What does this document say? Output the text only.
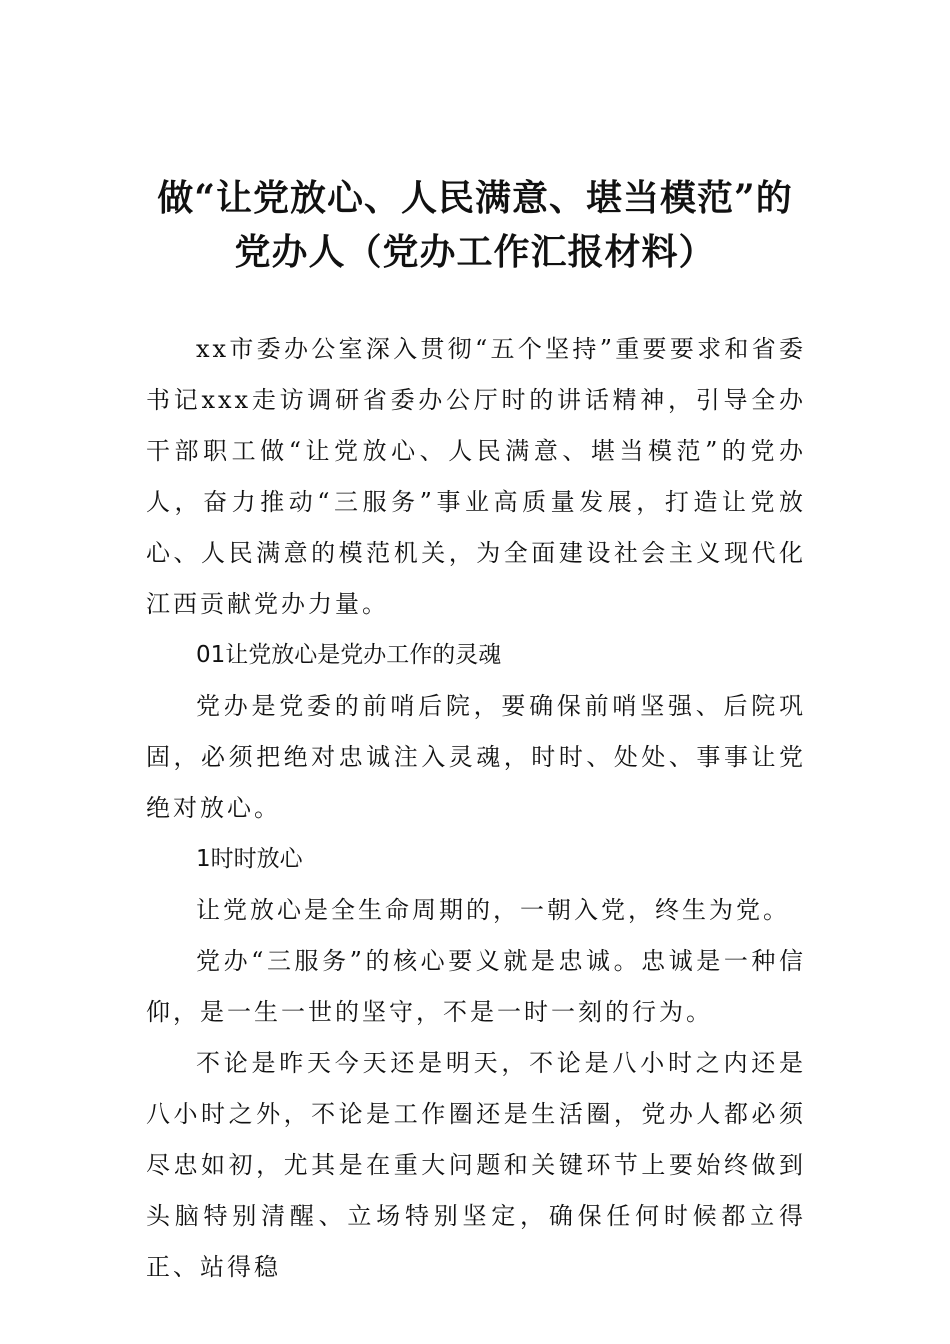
做“让党放心、人民满意、堪当模范”的
党办人（党办工作汇报材料）

xx市委办公室深入贯彻“五个坚持”重要要求和省委书记xxx走访调研省委办公厅时的讲话精神，引导全办干部职工做“让党放心、人民满意、堪当模范”的党办人，奋力推动“三服务”事业高质量发展，打造让党放心、人民满意的模范机关，为全面建设社会主义现代化江西贡献党办力量。

01让党放心是党办工作的灵魂

党办是党委的前哨后院，要确保前哨坚强、后院巩固，必须把绝对忠诚注入灵魂，时时、处处、事事让党绝对放心。

1时时放心

让党放心是全生命周期的，一朝入党，终生为党。

党办“三服务”的核心要义就是忠诚。忠诚是一种信仰，是一生一世的坚守，不是一时一刻的行为。

不论是昨天今天还是明天，不论是八小时之内还是八小时之外，不论是工作圈还是生活圈，党办人都必须尽忠如初，尤其是在重大问题和关键环节上要始终做到头脑特别清醒、立场特别坚定，确保任何时候都立得正、站得稳
